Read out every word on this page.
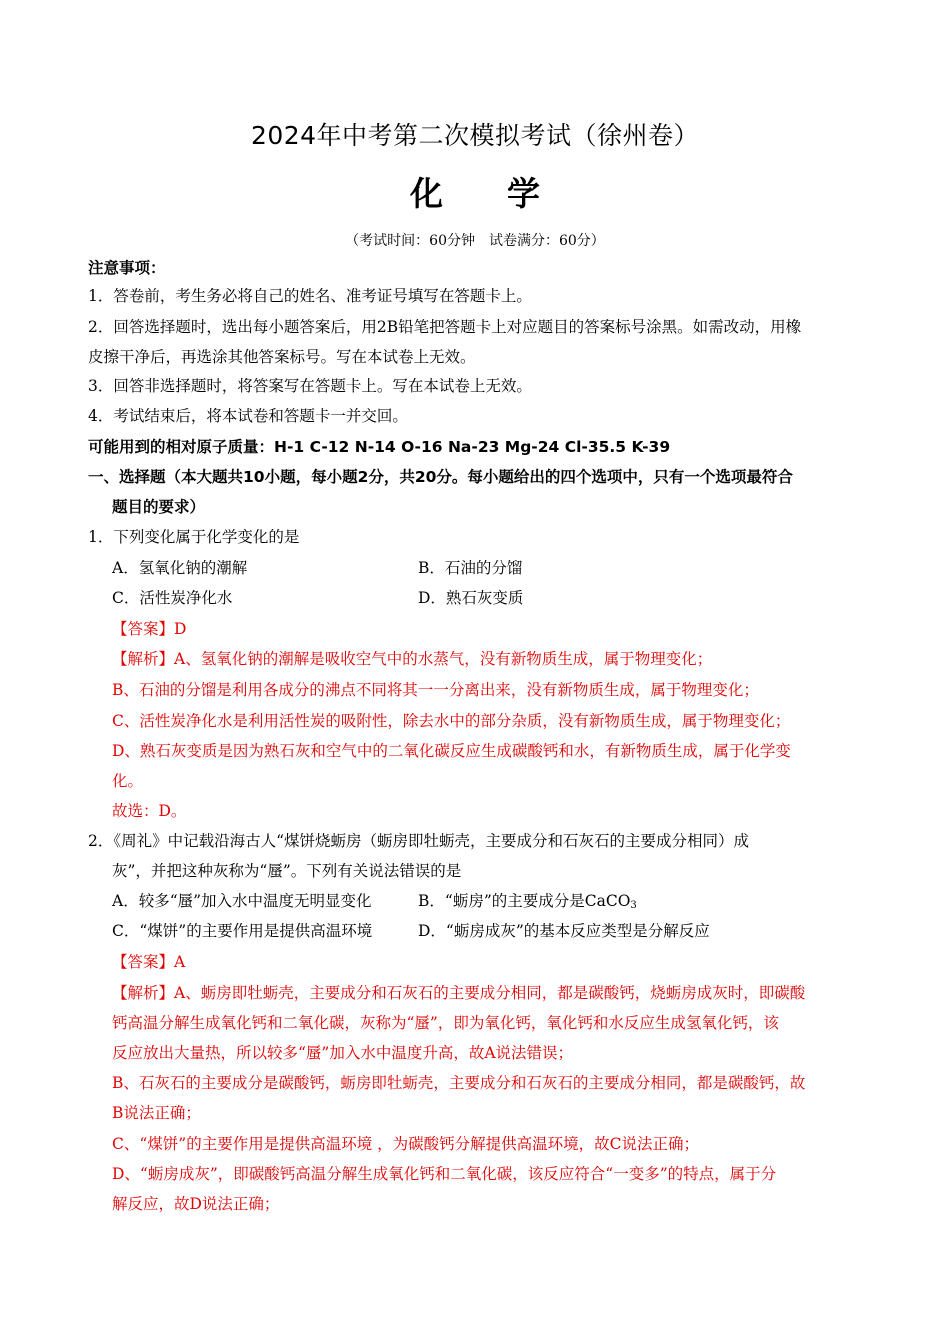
2024年中考第二次模拟考试（徐州卷）
化学
（考试时间：60分钟　试卷满分：60分）
注意事项：
1．答卷前，考生务必将自己的姓名、准考证号填写在答题卡上。
2．回答选择题时，选出每小题答案后，用2B铅笔把答题卡上对应题目的答案标号涂黑。如需改动，用橡
皮擦干净后，再选涂其他答案标号。写在本试卷上无效。
3．回答非选择题时，将答案写在答题卡上。写在本试卷上无效。
4．考试结束后，将本试卷和答题卡一并交回。
可能用到的相对原子质量：H-1 C-12 N-14 O-16 Na-23 Mg-24 Cl-35.5 K-39
一、选择题（本大题共10小题，每小题2分，共20分。每小题给出的四个选项中，只有一个选项最符合
题目的要求）
1．下列变化属于化学变化的是
A．氢氧化钠的潮解	B．石油的分馏
C．活性炭净化水	D．熟石灰变质
【答案】D
【解析】A、氢氧化钠的潮解是吸收空气中的水蒸气，没有新物质生成，属于物理变化；
B、石油的分馏是利用各成分的沸点不同将其一一分离出来，没有新物质生成，属于物理变化；
C、活性炭净化水是利用活性炭的吸附性，除去水中的部分杂质，没有新物质生成，属于物理变化；
D、熟石灰变质是因为熟石灰和空气中的二氧化碳反应生成碳酸钙和水，有新物质生成，属于化学变
化。
故选：D。
2．《周礼》中记载沿海古人“煤饼烧蛎房（蛎房即牡蛎壳，主要成分和石灰石的主要成分相同）成
灰”，并把这种灰称为“蜃”。下列有关说法错误的是
A．较多“蜃”加入水中温度无明显变化	B．“蛎房”的主要成分是CaCO$_3$
C．“煤饼”的主要作用是提供高温环境	D．“蛎房成灰”的基本反应类型是分解反应
【答案】A
【解析】A、蛎房即牡蛎壳，主要成分和石灰石的主要成分相同，都是碳酸钙，烧蛎房成灰时，即碳酸
钙高温分解生成氧化钙和二氧化碳，灰称为“蜃”，即为氧化钙，氧化钙和水反应生成氢氧化钙，该
反应放出大量热，所以较多“蜃”加入水中温度升高，故A说法错误；
B、石灰石的主要成分是碳酸钙，蛎房即牡蛎壳，主要成分和石灰石的主要成分相同，都是碳酸钙，故
B说法正确；
C、“煤饼”的主要作用是提供高温环境 ，为碳酸钙分解提供高温环境，故C说法正确；
D、“蛎房成灰”，即碳酸钙高温分解生成氧化钙和二氧化碳，该反应符合“一变多”的特点，属于分
解反应，故D说法正确；
